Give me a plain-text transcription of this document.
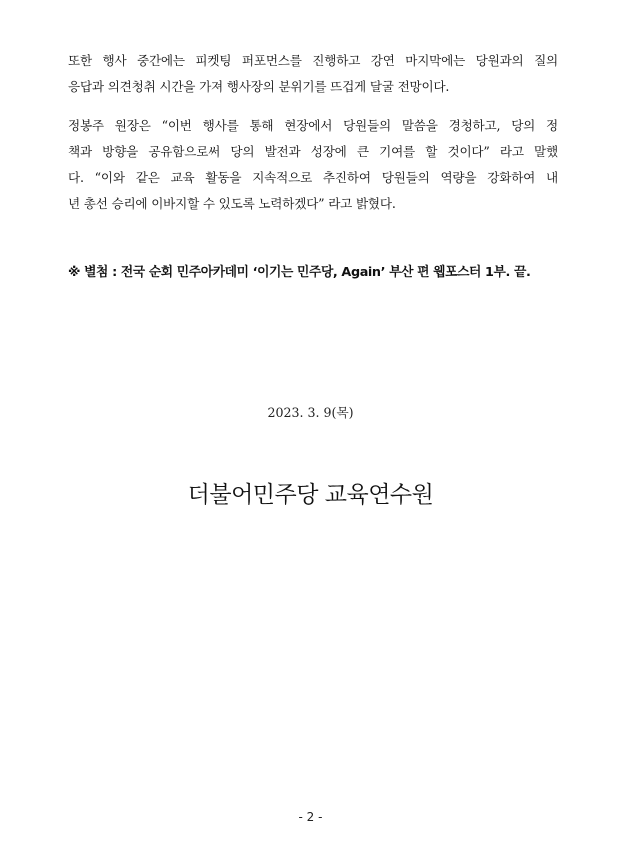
또한 행사 중간에는 피켓팅 퍼포먼스를 진행하고 강연 마지막에는 당원과의 질의
응답과 의견청취 시간을 가져 행사장의 분위기를 뜨겁게 달굴 전망이다.
정봉주 원장은 “이번 행사를 통해 현장에서 당원들의 말씀을 경청하고, 당의 정
책과 방향을 공유함으로써 당의 발전과 성장에 큰 기여를 할 것이다” 라고 말했
다. “이와 같은 교육 활동을 지속적으로 추진하여 당원들의 역량을 강화하여 내
년 총선 승리에 이바지할 수 있도록 노력하겠다” 라고 밝혔다.
※ 별첨 : 전국 순회 민주아카데미 ‘이기는 민주당, Again’ 부산 편 웹포스터 1부. 끝.
2023. 3. 9(목)
더불어민주당 교육연수원
- 2 -
